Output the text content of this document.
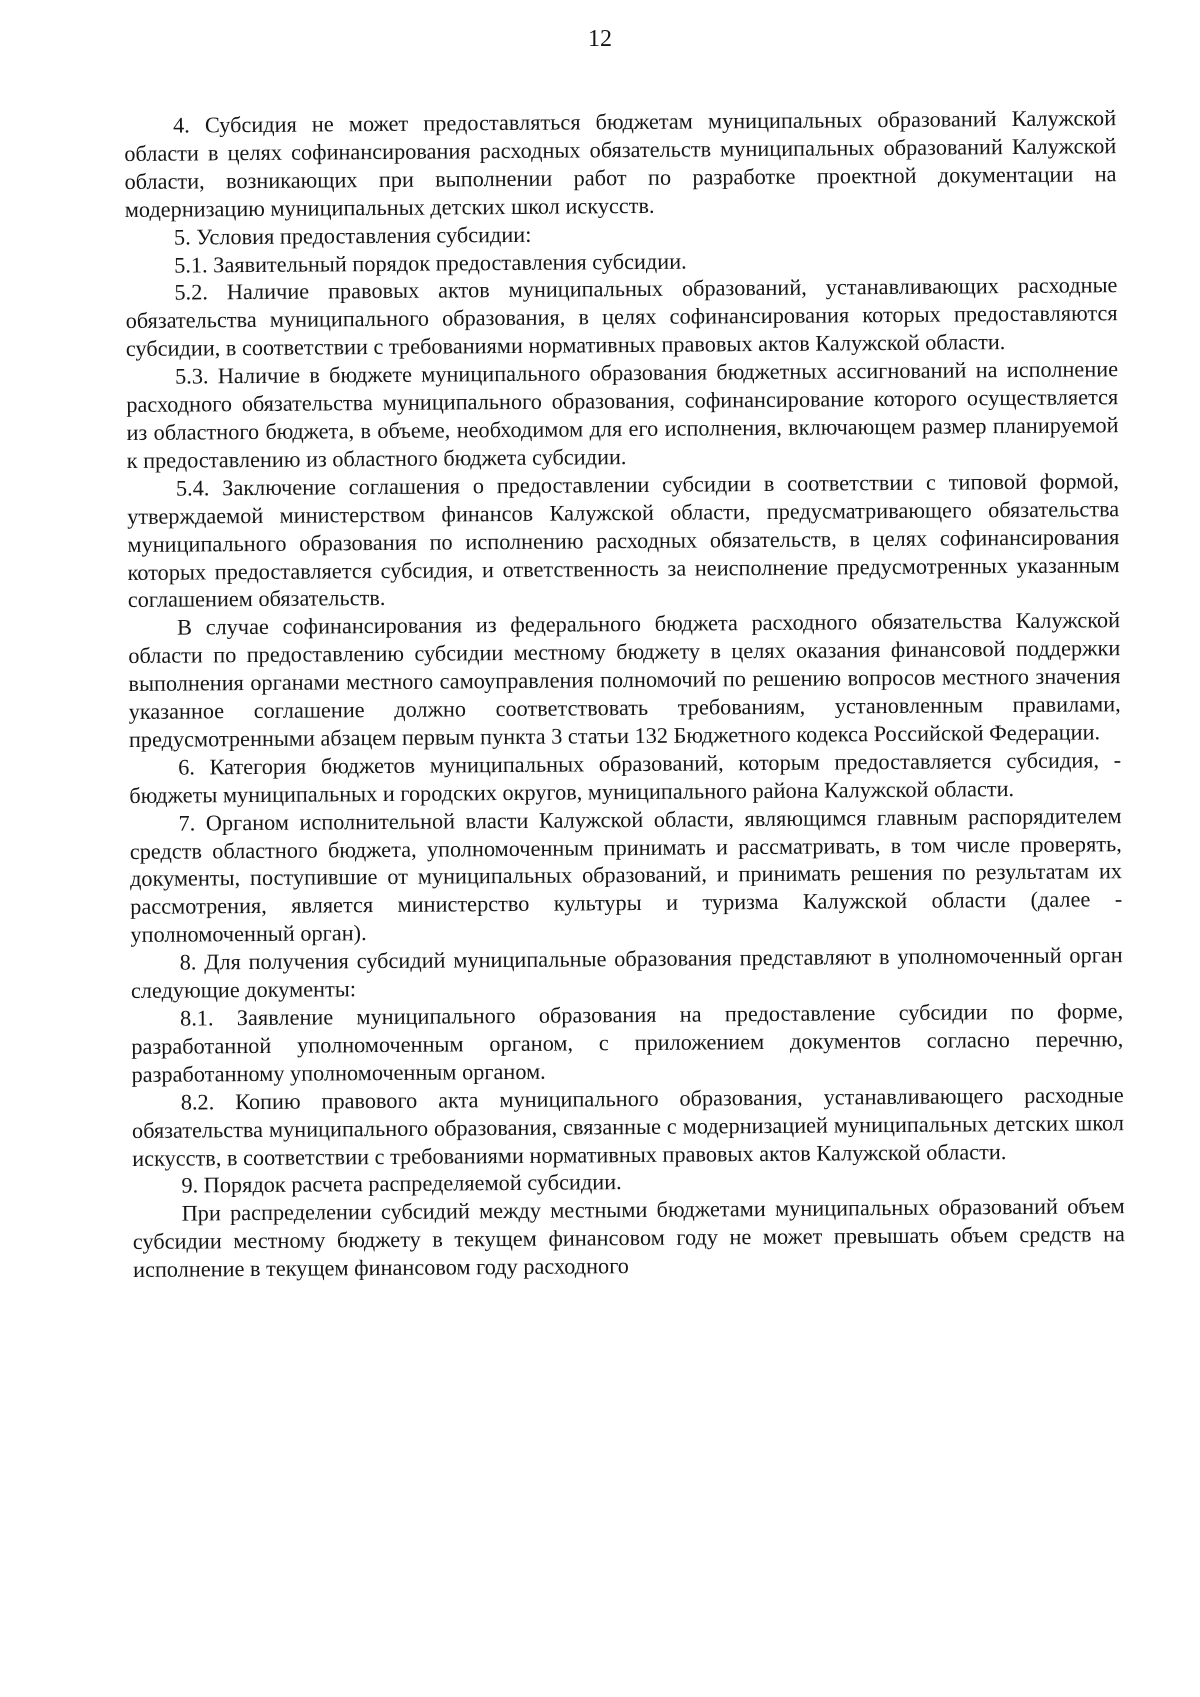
12

4. Субсидия не может предоставляться бюджетам муниципальных образований Калужской области в целях софинансирования расходных обязательств муниципальных образований Калужской области, возникающих при выполнении работ по разработке проектной документации на модернизацию муниципальных детских школ искусств.

5. Условия предоставления субсидии:

5.1. Заявительный порядок предоставления субсидии.

5.2. Наличие правовых актов муниципальных образований, устанавливающих расходные обязательства муниципального образования, в целях софинансирования которых предоставляются субсидии, в соответствии с требованиями нормативных правовых актов Калужской области.

5.3. Наличие в бюджете муниципального образования бюджетных ассигнований на исполнение расходного обязательства муниципального образования, софинансирование которого осуществляется из областного бюджета, в объеме, необходимом для его исполнения, включающем размер планируемой к предоставлению из областного бюджета субсидии.

5.4. Заключение соглашения о предоставлении субсидии в соответствии с типовой формой, утверждаемой министерством финансов Калужской области, предусматривающего обязательства муниципального образования по исполнению расходных обязательств, в целях софинансирования которых предоставляется субсидия, и ответственность за неисполнение предусмотренных указанным соглашением обязательств.

В случае софинансирования из федерального бюджета расходного обязательства Калужской области по предоставлению субсидии местному бюджету в целях оказания финансовой поддержки выполнения органами местного самоуправления полномочий по решению вопросов местного значения указанное соглашение должно соответствовать требованиям, установленным правилами, предусмотренными абзацем первым пункта 3 статьи 132 Бюджетного кодекса Российской Федерации.

6. Категория бюджетов муниципальных образований, которым предоставляется субсидия, - бюджеты муниципальных и городских округов, муниципального района Калужской области.

7. Органом исполнительной власти Калужской области, являющимся главным распорядителем средств областного бюджета, уполномоченным принимать и рассматривать, в том числе проверять, документы, поступившие от муниципальных образований, и принимать решения по результатам их рассмотрения, является министерство культуры и туризма Калужской области (далее - уполномоченный орган).

8. Для получения субсидий муниципальные образования представляют в уполномоченный орган следующие документы:

8.1. Заявление муниципального образования на предоставление субсидии по форме, разработанной уполномоченным органом, с приложением документов согласно перечню, разработанному уполномоченным органом.

8.2. Копию правового акта муниципального образования, устанавливающего расходные обязательства муниципального образования, связанные с модернизацией муниципальных детских школ искусств, в соответствии с требованиями нормативных правовых актов Калужской области.

9. Порядок расчета распределяемой субсидии.

При распределении субсидий между местными бюджетами муниципальных образований объем субсидии местному бюджету в текущем финансовом году не может превышать объем средств на исполнение в текущем финансовом году расходного
